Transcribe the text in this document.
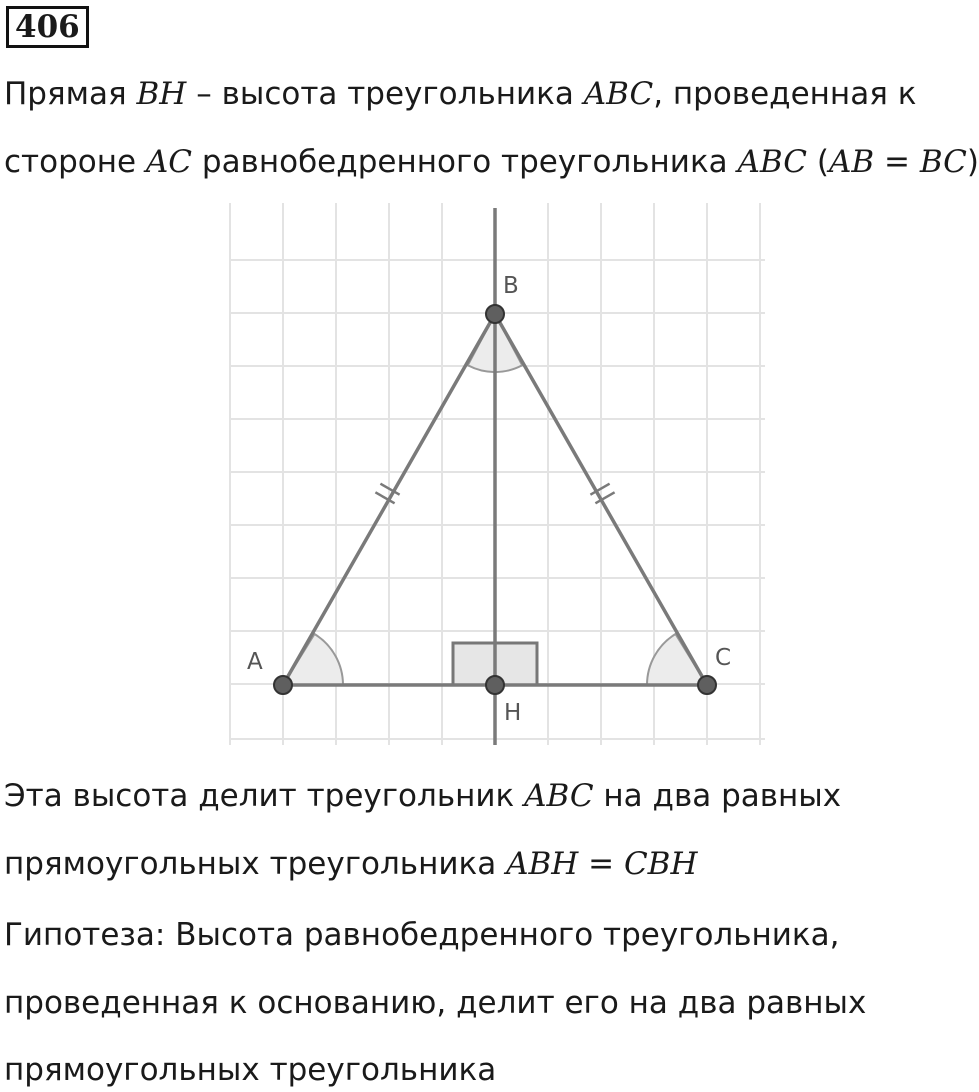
406
Прямая BH – высота треугольника ABC, проведенная к
стороне AC равнобедренного треугольника ABC (AB = BC)
B
A	C
H
Эта высота делит треугольник ABC на два равных
прямоугольных треугольника ABH = CBH
Гипотеза: Высота равнобедренного треугольника,
проведенная к основанию, делит его на два равных
прямоугольных треугольника
